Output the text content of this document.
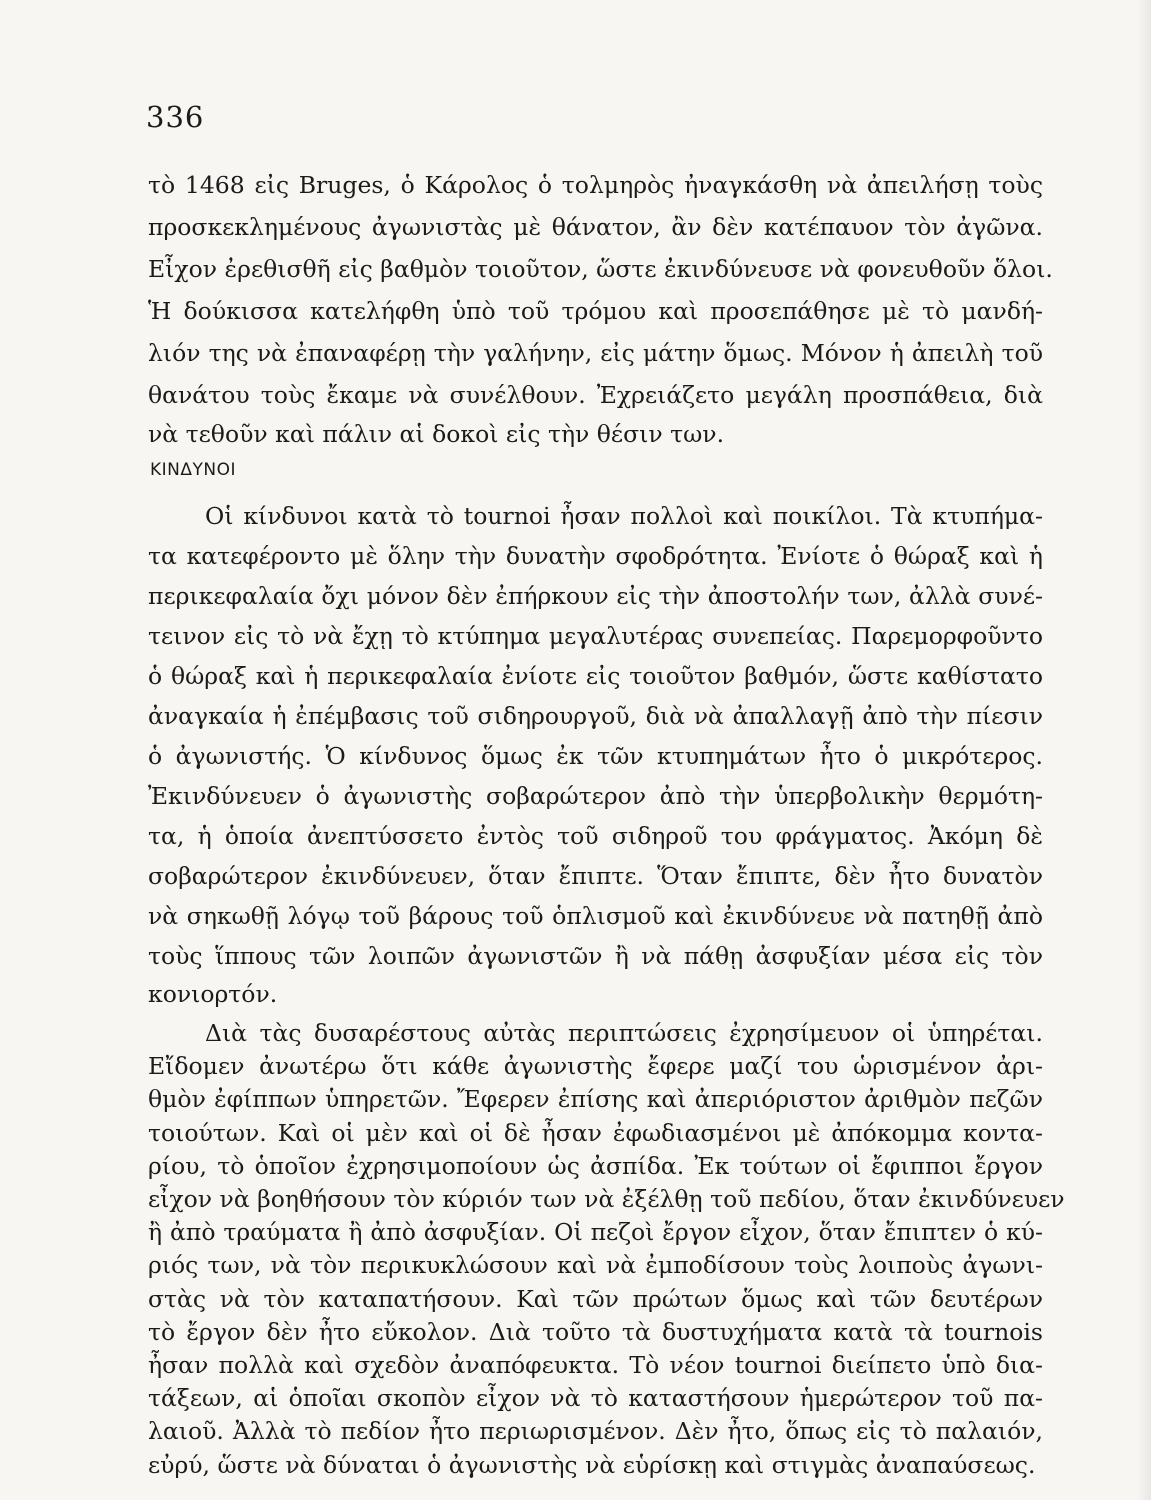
336
τὸ 1468 εἰς Bruges, ὁ Κάρολος ὁ τολμηρὸς ἠναγκάσθη νὰ ἀπειλήσῃ τοὺς
προσκεκλημένους ἀγωνιστὰς μὲ θάνατον, ἂν δὲν κατέπαυον τὸν ἀγῶνα.
Εἶχον ἐρεθισθῆ εἰς βαθμὸν τοιοῦτον, ὥστε ἐκινδύνευσε νὰ φονευθοῦν ὅλοι.
Ἡ δούκισσα κατελήφθη ὑπὸ τοῦ τρόμου καὶ προσεπάθησε μὲ τὸ μανδή-
λιόν της νὰ ἐπαναφέρῃ τὴν γαλήνην, εἰς μάτην ὅμως. Μόνον ἡ ἀπειλὴ τοῦ
θανάτου τοὺς ἔκαμε νὰ συνέλθουν. Ἐχρειάζετο μεγάλη προσπάθεια, διὰ
νὰ τεθοῦν καὶ πάλιν αἱ δοκοὶ εἰς τὴν θέσιν των.
ΚΙΝΔΥΝΟΙ
Οἱ κίνδυνοι κατὰ τὸ tournoi ἦσαν πολλοὶ καὶ ποικίλοι. Τὰ κτυπήμα-
τα κατεφέροντο μὲ ὅλην τὴν δυνατὴν σφοδρότητα. Ἐνίοτε ὁ θώραξ καὶ ἡ
περικεφαλαία ὄχι μόνον δὲν ἐπήρκουν εἰς τὴν ἀποστολήν των, ἀλλὰ συνέ-
τεινον εἰς τὸ νὰ ἔχῃ τὸ κτύπημα μεγαλυτέρας συνεπείας. Παρεμορφοῦντο
ὁ θώραξ καὶ ἡ περικεφαλαία ἐνίοτε εἰς τοιοῦτον βαθμόν, ὥστε καθίστατο
ἀναγκαία ἡ ἐπέμβασις τοῦ σιδηρουργοῦ, διὰ νὰ ἀπαλλαγῇ ἀπὸ τὴν πίεσιν
ὁ ἀγωνιστής. Ὁ κίνδυνος ὅμως ἐκ τῶν κτυπημάτων ἦτο ὁ μικρότερος.
Ἐκινδύνευεν ὁ ἀγωνιστὴς σοβαρώτερον ἀπὸ τὴν ὑπερβολικὴν θερμότη-
τα, ἡ ὁποία ἀνεπτύσσετο ἐντὸς τοῦ σιδηροῦ του φράγματος. Ἀκόμη δὲ
σοβαρώτερον ἐκινδύνευεν, ὅταν ἔπιπτε. Ὅταν ἔπιπτε, δὲν ἦτο δυνατὸν
νὰ σηκωθῇ λόγῳ τοῦ βάρους τοῦ ὁπλισμοῦ καὶ ἐκινδύνευε νὰ πατηθῇ ἀπὸ
τοὺς ἵππους τῶν λοιπῶν ἀγωνιστῶν ἢ νὰ πάθῃ ἀσφυξίαν μέσα εἰς τὸν
κονιορτόν.
Διὰ τὰς δυσαρέστους αὐτὰς περιπτώσεις ἐχρησίμευον οἱ ὑπηρέται.
Εἴδομεν ἀνωτέρω ὅτι κάθε ἀγωνιστὴς ἔφερε μαζί του ὡρισμένον ἀρι-
θμὸν ἐφίππων ὑπηρετῶν. Ἔφερεν ἐπίσης καὶ ἀπεριόριστον ἀριθμὸν πεζῶν
τοιούτων. Καὶ οἱ μὲν καὶ οἱ δὲ ἦσαν ἐφωδιασμένοι μὲ ἀπόκομμα κοντα-
ρίου, τὸ ὁποῖον ἐχρησιμοποίουν ὡς ἀσπίδα. Ἐκ τούτων οἱ ἔφιπποι ἔργον
εἶχον νὰ βοηθήσουν τὸν κύριόν των νὰ ἐξέλθῃ τοῦ πεδίου, ὅταν ἐκινδύνευεν
ἢ ἀπὸ τραύματα ἢ ἀπὸ ἀσφυξίαν. Οἱ πεζοὶ ἔργον εἶχον, ὅταν ἔπιπτεν ὁ κύ-
ριός των, νὰ τὸν περικυκλώσουν καὶ νὰ ἐμποδίσουν τοὺς λοιποὺς ἀγωνι-
στὰς νὰ τὸν καταπατήσουν. Καὶ τῶν πρώτων ὅμως καὶ τῶν δευτέρων
τὸ ἔργον δὲν ἦτο εὔκολον. Διὰ τοῦτο τὰ δυστυχήματα κατὰ τὰ tournois
ἦσαν πολλὰ καὶ σχεδὸν ἀναπόφευκτα. Τὸ νέον tournoi διείπετο ὑπὸ δια-
τάξεων, αἱ ὁποῖαι σκοπὸν εἶχον νὰ τὸ καταστήσουν ἡμερώτερον τοῦ πα-
λαιοῦ. Ἀλλὰ τὸ πεδίον ἦτο περιωρισμένον. Δὲν ἦτο, ὅπως εἰς τὸ παλαιόν,
εὐρύ, ὥστε νὰ δύναται ὁ ἀγωνιστὴς νὰ εὑρίσκῃ καὶ στιγμὰς ἀναπαύσεως.
